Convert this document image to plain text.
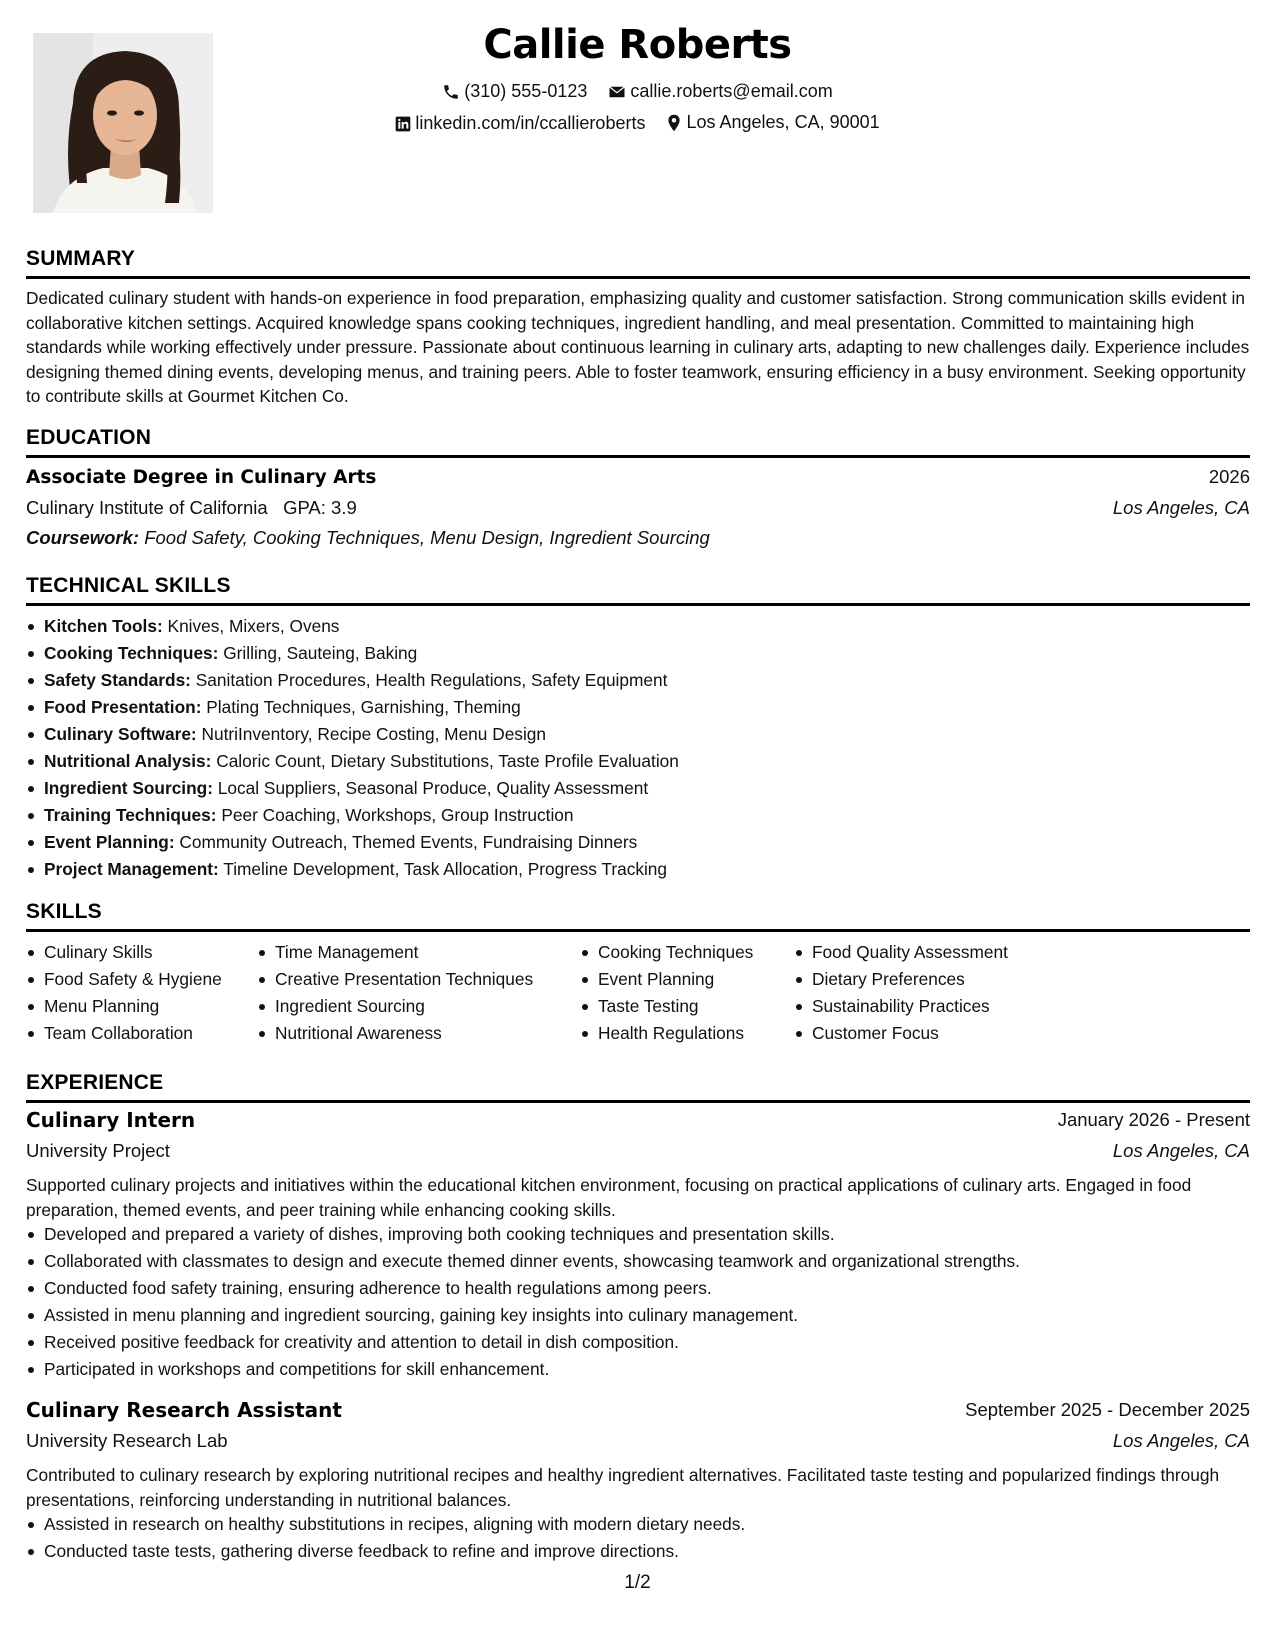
Callie Roberts
(310) 555-0123
callie.roberts@email.com
linkedin.com/in/ccallieroberts
Los Angeles, CA, 90001
SUMMARY
Dedicated culinary student with hands-on experience in food preparation, emphasizing quality and customer satisfaction. Strong communication skills evident in collaborative kitchen settings. Acquired knowledge spans cooking techniques, ingredient handling, and meal presentation. Committed to maintaining high standards while working effectively under pressure. Passionate about continuous learning in culinary arts, adapting to new challenges daily. Experience includes designing themed dining events, developing menus, and training peers. Able to foster teamwork, ensuring efficiency in a busy environment. Seeking opportunity to contribute skills at Gourmet Kitchen Co.
EDUCATION
Associate Degree in Culinary Arts	2026
Culinary Institute of California GPA: 3.9	Los Angeles, CA
Coursework: Food Safety, Cooking Techniques, Menu Design, Ingredient Sourcing
TECHNICAL SKILLS
Kitchen Tools: Knives, Mixers, Ovens
Cooking Techniques: Grilling, Sauteing, Baking
Safety Standards: Sanitation Procedures, Health Regulations, Safety Equipment
Food Presentation: Plating Techniques, Garnishing, Theming
Culinary Software: NutriInventory, Recipe Costing, Menu Design
Nutritional Analysis: Caloric Count, Dietary Substitutions, Taste Profile Evaluation
Ingredient Sourcing: Local Suppliers, Seasonal Produce, Quality Assessment
Training Techniques: Peer Coaching, Workshops, Group Instruction
Event Planning: Community Outreach, Themed Events, Fundraising Dinners
Project Management: Timeline Development, Task Allocation, Progress Tracking
SKILLS
Culinary Skills
Food Safety & Hygiene
Menu Planning
Team Collaboration
Time Management
Creative Presentation Techniques
Ingredient Sourcing
Nutritional Awareness
Cooking Techniques
Event Planning
Taste Testing
Health Regulations
Food Quality Assessment
Dietary Preferences
Sustainability Practices
Customer Focus
EXPERIENCE
Culinary Intern	January 2026 - Present
University Project	Los Angeles, CA
Supported culinary projects and initiatives within the educational kitchen environment, focusing on practical applications of culinary arts. Engaged in food preparation, themed events, and peer training while enhancing cooking skills.
Developed and prepared a variety of dishes, improving both cooking techniques and presentation skills.
Collaborated with classmates to design and execute themed dinner events, showcasing teamwork and organizational strengths.
Conducted food safety training, ensuring adherence to health regulations among peers.
Assisted in menu planning and ingredient sourcing, gaining key insights into culinary management.
Received positive feedback for creativity and attention to detail in dish composition.
Participated in workshops and competitions for skill enhancement.
Culinary Research Assistant	September 2025 - December 2025
University Research Lab	Los Angeles, CA
Contributed to culinary research by exploring nutritional recipes and healthy ingredient alternatives. Facilitated taste testing and popularized findings through presentations, reinforcing understanding in nutritional balances.
Assisted in research on healthy substitutions in recipes, aligning with modern dietary needs.
Conducted taste tests, gathering diverse feedback to refine and improve directions.
1/2
